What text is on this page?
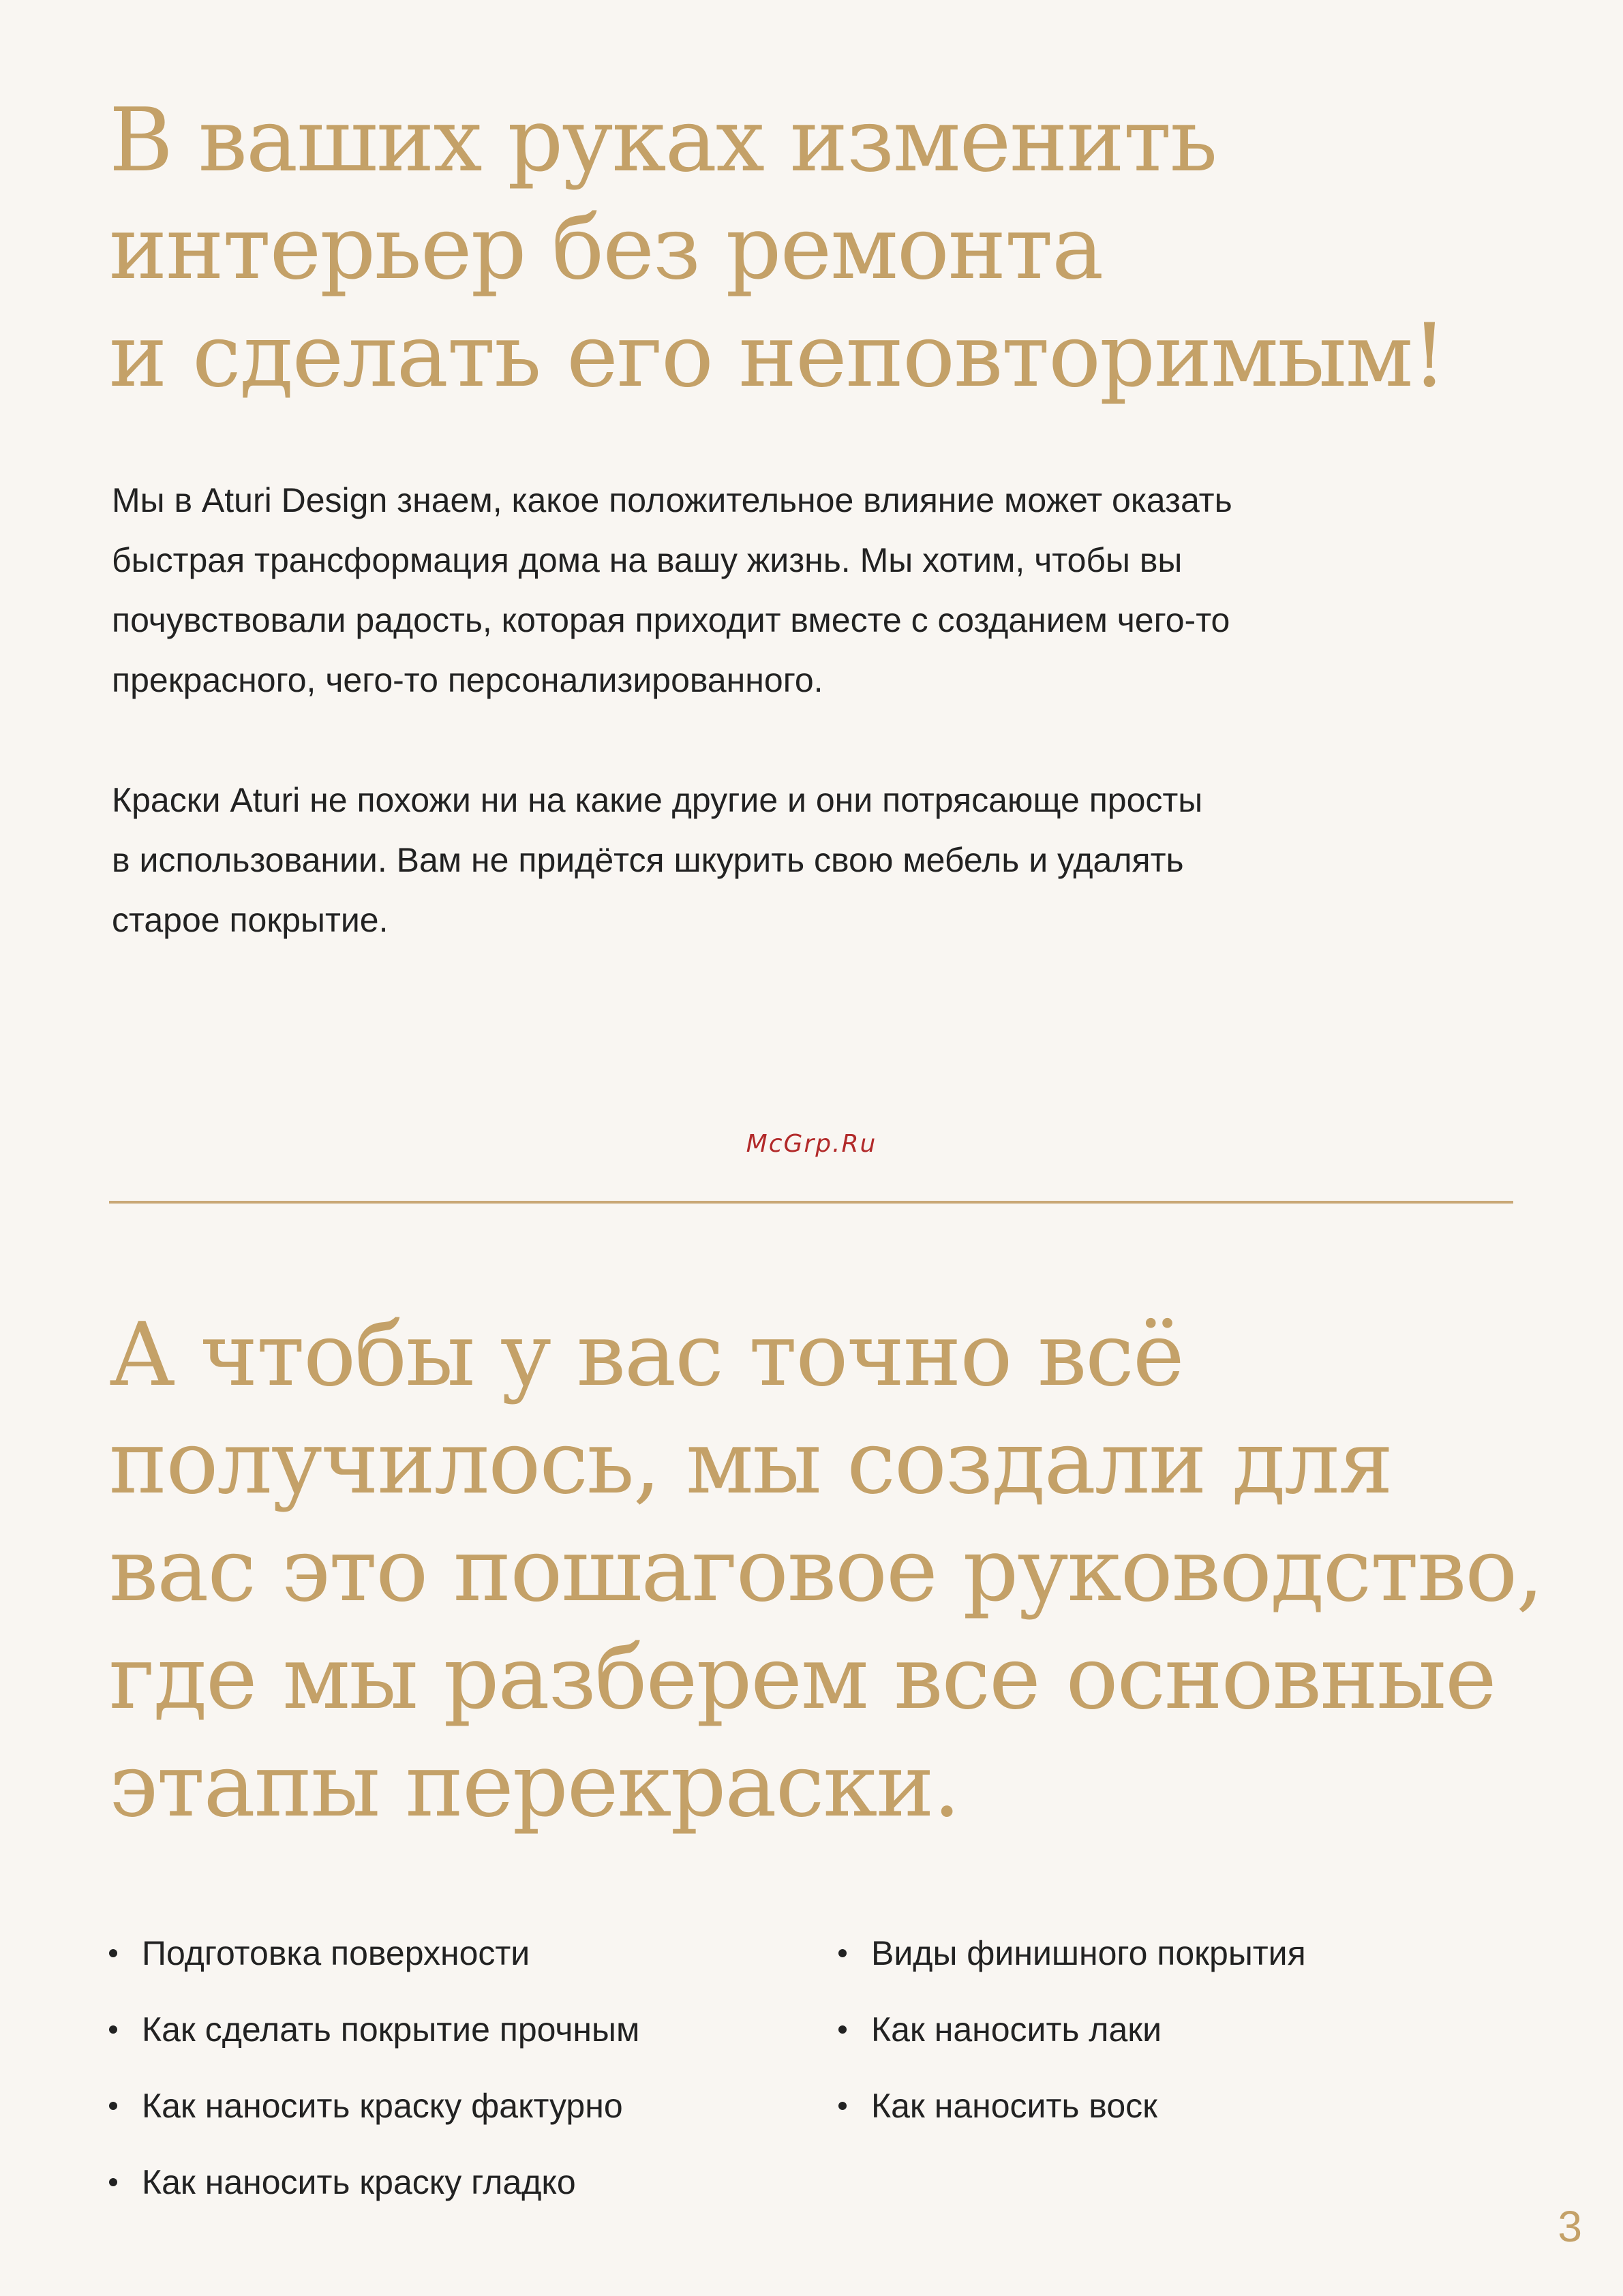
В ваших руках изменить
интерьер без ремонта
и сделать его неповторимым!

Мы в Aturi Design знаем, какое положительное влияние может оказать
быстрая трансформация дома на вашу жизнь. Мы хотим, чтобы вы
почувствовали радость, которая приходит вместе с созданием чего-то
прекрасного, чего-то персонализированного.

Краски Aturi не похожи ни на какие другие и они потрясающе просты
в использовании. Вам не придётся шкурить свою мебель и удалять
старое покрытие.

McGrp.Ru
А чтобы у вас точно всё
получилось, мы создали для
вас это пошаговое руководство,
где мы разберем все основные
этапы перекраски.
Подготовка поверхности
Как сделать покрытие прочным
Как наносить краску фактурно
Как наносить краску гладко
Виды финишного покрытия
Как наносить лаки
Как наносить воск
3
